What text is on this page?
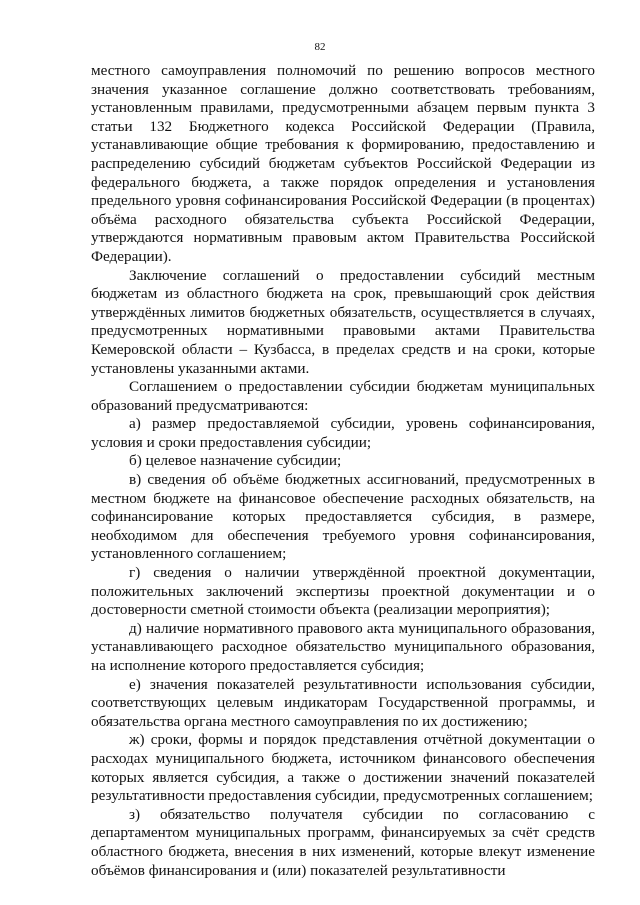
82

местного самоуправления полномочий по решению вопросов местного значения указанное соглашение должно соответствовать требованиям, установленным правилами, предусмотренными абзацем первым пункта 3 статьи 132 Бюджетного кодекса Российской Федерации (Правила, устанавливающие общие требования к формированию, предоставлению и распределению субсидий бюджетам субъектов Российской Федерации из федерального бюджета, а также порядок определения и установления предельного уровня софинансирования Российской Федерации (в процентах) объёма расходного обязательства субъекта Российской Федерации, утверждаются нормативным правовым актом Правительства Российской Федерации).

Заключение соглашений о предоставлении субсидий местным бюджетам из областного бюджета на срок, превышающий срок действия утверждённых лимитов бюджетных обязательств, осуществляется в случаях, предусмотренных нормативными правовыми актами Правительства Кемеровской области – Кузбасса, в пределах средств и на сроки, которые установлены указанными актами.

Соглашением о предоставлении субсидии бюджетам муниципальных образований предусматриваются:

а) размер предоставляемой субсидии, уровень софинансирования, условия и сроки предоставления субсидии;

б) целевое назначение субсидии;

в) сведения об объёме бюджетных ассигнований, предусмотренных в местном бюджете на финансовое обеспечение расходных обязательств, на софинансирование которых предоставляется субсидия, в размере, необходимом для обеспечения требуемого уровня софинансирования, установленного соглашением;

г) сведения о наличии утверждённой проектной документации, положительных заключений экспертизы проектной документации и о достоверности сметной стоимости объекта (реализации мероприятия);

д) наличие нормативного правового акта муниципального образования, устанавливающего расходное обязательство муниципального образования, на исполнение которого предоставляется субсидия;

е) значения показателей результативности использования субсидии, соответствующих целевым индикаторам Государственной программы, и обязательства органа местного самоуправления по их достижению;

ж) сроки, формы и порядок представления отчётной документации о расходах муниципального бюджета, источником финансового обеспечения которых является субсидия, а также о достижении значений показателей результативности предоставления субсидии, предусмотренных соглашением;

з) обязательство получателя субсидии по согласованию с департаментом муниципальных программ, финансируемых за счёт средств областного бюджета, внесения в них изменений, которые влекут изменение объёмов финансирования и (или) показателей результативности
